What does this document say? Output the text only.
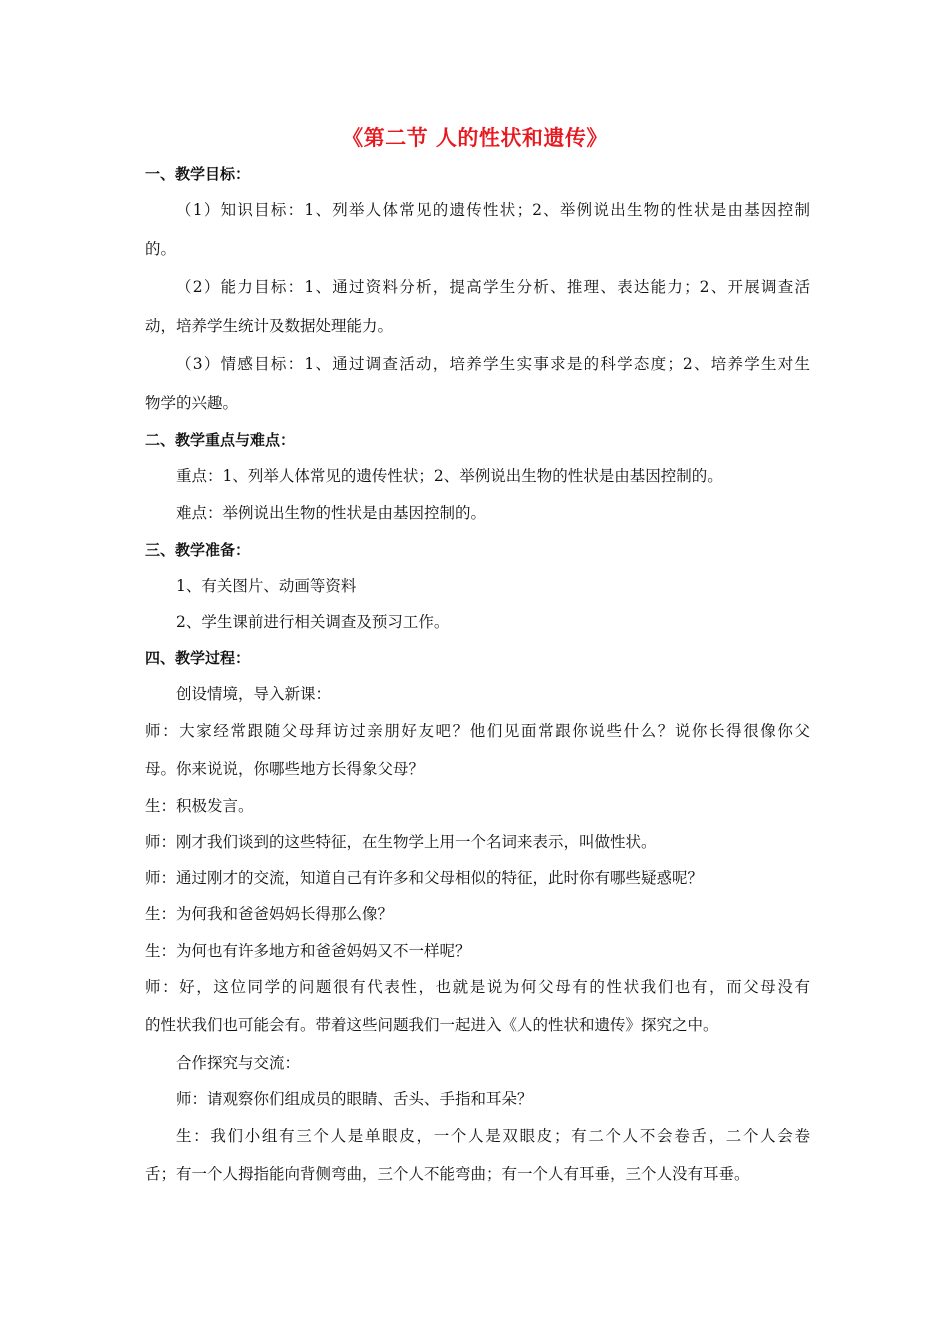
《第二节 人的性状和遗传》
一、教学目标：
（1）知识目标：1、列举人体常见的遗传性状；2、举例说出生物的性状是由基因控制
的。
（2）能力目标：1、通过资料分析，提高学生分析、推理、表达能力；2、开展调查活
动，培养学生统计及数据处理能力。
（3）情感目标：1、通过调查活动，培养学生实事求是的科学态度；2、培养学生对生
物学的兴趣。
二、教学重点与难点：
重点：1、列举人体常见的遗传性状；2、举例说出生物的性状是由基因控制的。
难点：举例说出生物的性状是由基因控制的。
三、教学准备：
1、有关图片、动画等资料
2、学生课前进行相关调查及预习工作。
四、教学过程：
创设情境，导入新课：
师：大家经常跟随父母拜访过亲朋好友吧？他们见面常跟你说些什么？说你长得很像你父
母。你来说说，你哪些地方长得象父母？
生：积极发言。
师：刚才我们谈到的这些特征，在生物学上用一个名词来表示，叫做性状。
师：通过刚才的交流，知道自己有许多和父母相似的特征，此时你有哪些疑惑呢？
生：为何我和爸爸妈妈长得那么像？
生：为何也有许多地方和爸爸妈妈又不一样呢？
师：好，这位同学的问题很有代表性，也就是说为何父母有的性状我们也有，而父母没有
的性状我们也可能会有。带着这些问题我们一起进入《人的性状和遗传》探究之中。
合作探究与交流：
师：请观察你们组成员的眼睛、舌头、手指和耳朵？
生：我们小组有三个人是单眼皮，一个人是双眼皮；有二个人不会卷舌，二个人会卷
舌；有一个人拇指能向背侧弯曲，三个人不能弯曲；有一个人有耳垂，三个人没有耳垂。
